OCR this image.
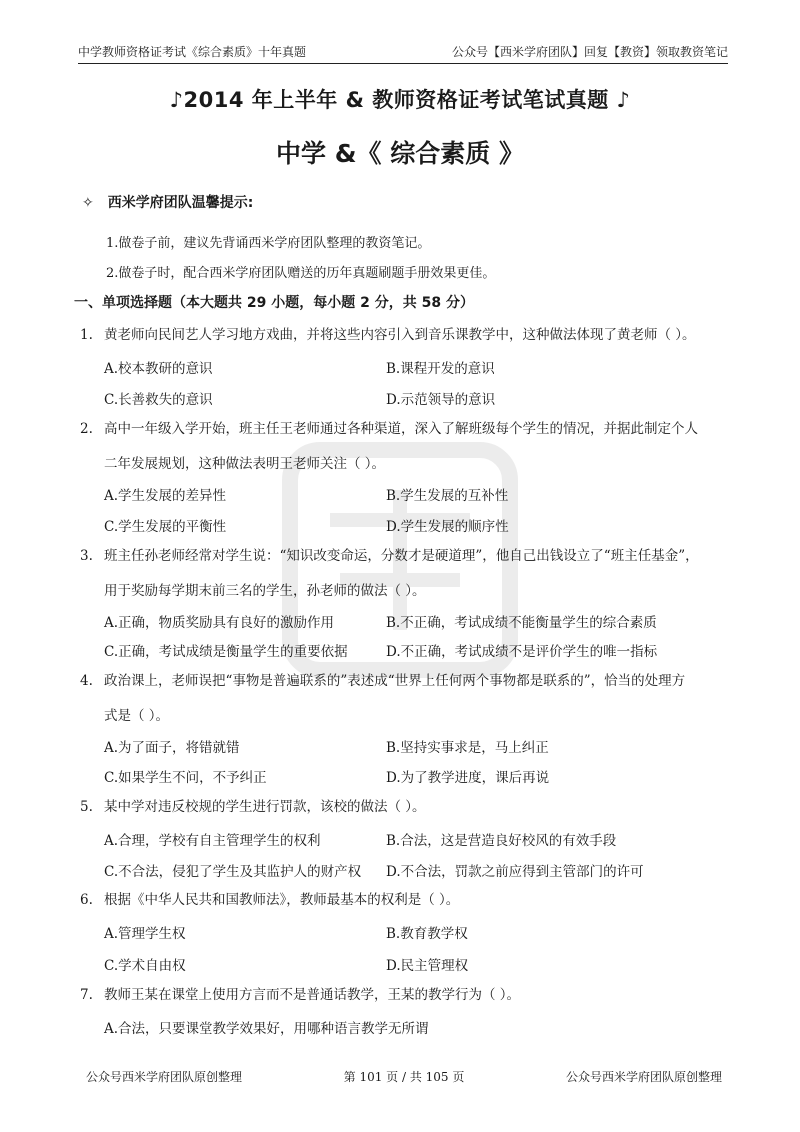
中学教师资格证考试《综合素质》十年真题	公众号【西米学府团队】回复【教资】领取教资笔记
♪2014 年上半年 & 教师资格证考试笔试真题 ♪
中学 &《 综合素质 》
✧ 西米学府团队温馨提示:
1.做卷子前，建议先背诵西米学府团队整理的教资笔记。
2.做卷子时，配合西米学府团队赠送的历年真题刷题手册效果更佳。
一、单项选择题（本大题共 29 小题，每小题 2 分，共 58 分）
1. 黄老师向民间艺人学习地方戏曲，并将这些内容引入到音乐课教学中，这种做法体现了黄老师（ ）。
A.校本教研的意识	B.课程开发的意识
C.长善救失的意识	D.示范领导的意识
2. 高中一年级入学开始，班主任王老师通过各种渠道，深入了解班级每个学生的情况，并据此制定个人
二年发展规划，这种做法表明王老师关注（ ）。
A.学生发展的差异性	B.学生发展的互补性
C.学生发展的平衡性	D.学生发展的顺序性
3. 班主任孙老师经常对学生说：“知识改变命运，分数才是硬道理”，他自己出钱设立了“班主任基金”，
用于奖励每学期末前三名的学生，孙老师的做法（ ）。
A.正确，物质奖励具有良好的激励作用	B.不正确，考试成绩不能衡量学生的综合素质
C.正确，考试成绩是衡量学生的重要依据	D.不正确，考试成绩不是评价学生的唯一指标
4. 政治课上，老师误把“事物是普遍联系的”表述成“世界上任何两个事物都是联系的”，恰当的处理方
式是（ ）。
A.为了面子，将错就错	B.坚持实事求是，马上纠正
C.如果学生不问，不予纠正	D.为了教学进度，课后再说
5. 某中学对违反校规的学生进行罚款，该校的做法（ ）。
A.合理，学校有自主管理学生的权利	B.合法，这是营造良好校风的有效手段
C.不合法，侵犯了学生及其监护人的财产权 D.不合法，罚款之前应得到主管部门的许可
6. 根据《中华人民共和国教师法》，教师最基本的权利是（ ）。
A.管理学生权	B.教育教学权
C.学术自由权	D.民主管理权
7. 教师王某在课堂上使用方言而不是普通话教学，王某的教学行为（ ）。
A.合法，只要课堂教学效果好，用哪种语言教学无所谓
公众号西米学府团队原创整理	第 101 页 / 共 105 页	公众号西米学府团队原创整理
